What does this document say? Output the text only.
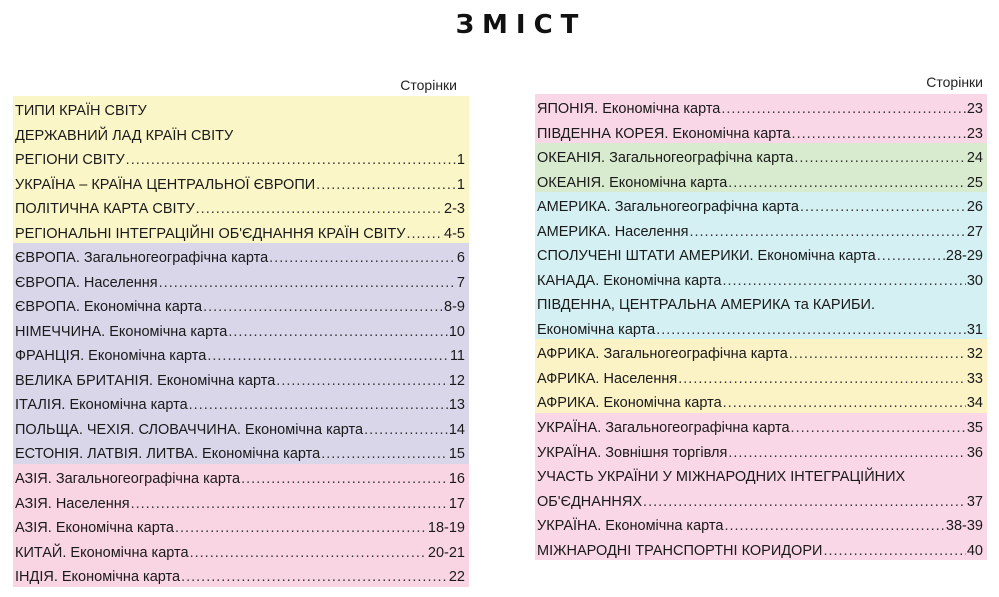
ЗМІСТ
Сторінки
ТИПИ КРАЇН СВІТУ
ДЕРЖАВНИЙ ЛАД КРАЇН СВІТУ
РЕГІОНИ СВІТУ .....	1
УКРАЇНА – КРАЇНА ЦЕНТРАЛЬНОЇ ЄВРОПИ .....	1
ПОЛІТИЧНА КАРТА СВІТУ .....	2-3
РЕГІОНАЛЬНІ ІНТЕГРАЦІЙНІ ОБ'ЄДНАННЯ КРАЇН СВІТУ .....	4-5
ЄВРОПА. Загальногеографічна карта .....	6
ЄВРОПА. Населення .....	7
ЄВРОПА. Економічна карта .....	8-9
НІМЕЧЧИНА. Економічна карта .....	10
ФРАНЦІЯ. Економічна карта .....	11
ВЕЛИКА БРИТАНІЯ. Економічна карта .....	12
ІТАЛІЯ. Економічна карта .....	13
ПОЛЬЩА. ЧЕХІЯ. СЛОВАЧЧИНА. Економічна карта .....	14
ЕСТОНІЯ. ЛАТВІЯ. ЛИТВА. Економічна карта .....	15
АЗІЯ. Загальногеографічна карта .....	16
АЗІЯ. Населення .....	17
АЗІЯ. Економічна карта .....	18-19
КИТАЙ. Економічна карта .....	20-21
ІНДІЯ. Економічна карта .....	22
Сторінки
ЯПОНІЯ. Економічна карта .....	23
ПІВДЕННА КОРЕЯ. Економічна карта .....	23
ОКЕАНІЯ. Загальногеографічна карта .....	24
ОКЕАНІЯ. Економічна карта .....	25
АМЕРИКА. Загальногеографічна карта .....	26
АМЕРИКА. Населення .....	27
СПОЛУЧЕНІ ШТАТИ АМЕРИКИ. Економічна карта .....	28-29
КАНАДА. Економічна карта .....	30
ПІВДЕННА, ЦЕНТРАЛЬНА АМЕРИКА та КАРИБИ.
Економічна карта .....	31
АФРИКА. Загальногеографічна карта .....	32
АФРИКА. Населення .....	33
АФРИКА. Економічна карта .....	34
УКРАЇНА. Загальногеографічна карта .....	35
УКРАЇНА. Зовнішня торгівля .....	36
УЧАСТЬ УКРАЇНИ У МІЖНАРОДНИХ ІНТЕГРАЦІЙНИХ
ОБ'ЄДНАННЯХ .....	37
УКРАЇНА. Економічна карта .....	38-39
МІЖНАРОДНІ ТРАНСПОРТНІ КОРИДОРИ .....	40
